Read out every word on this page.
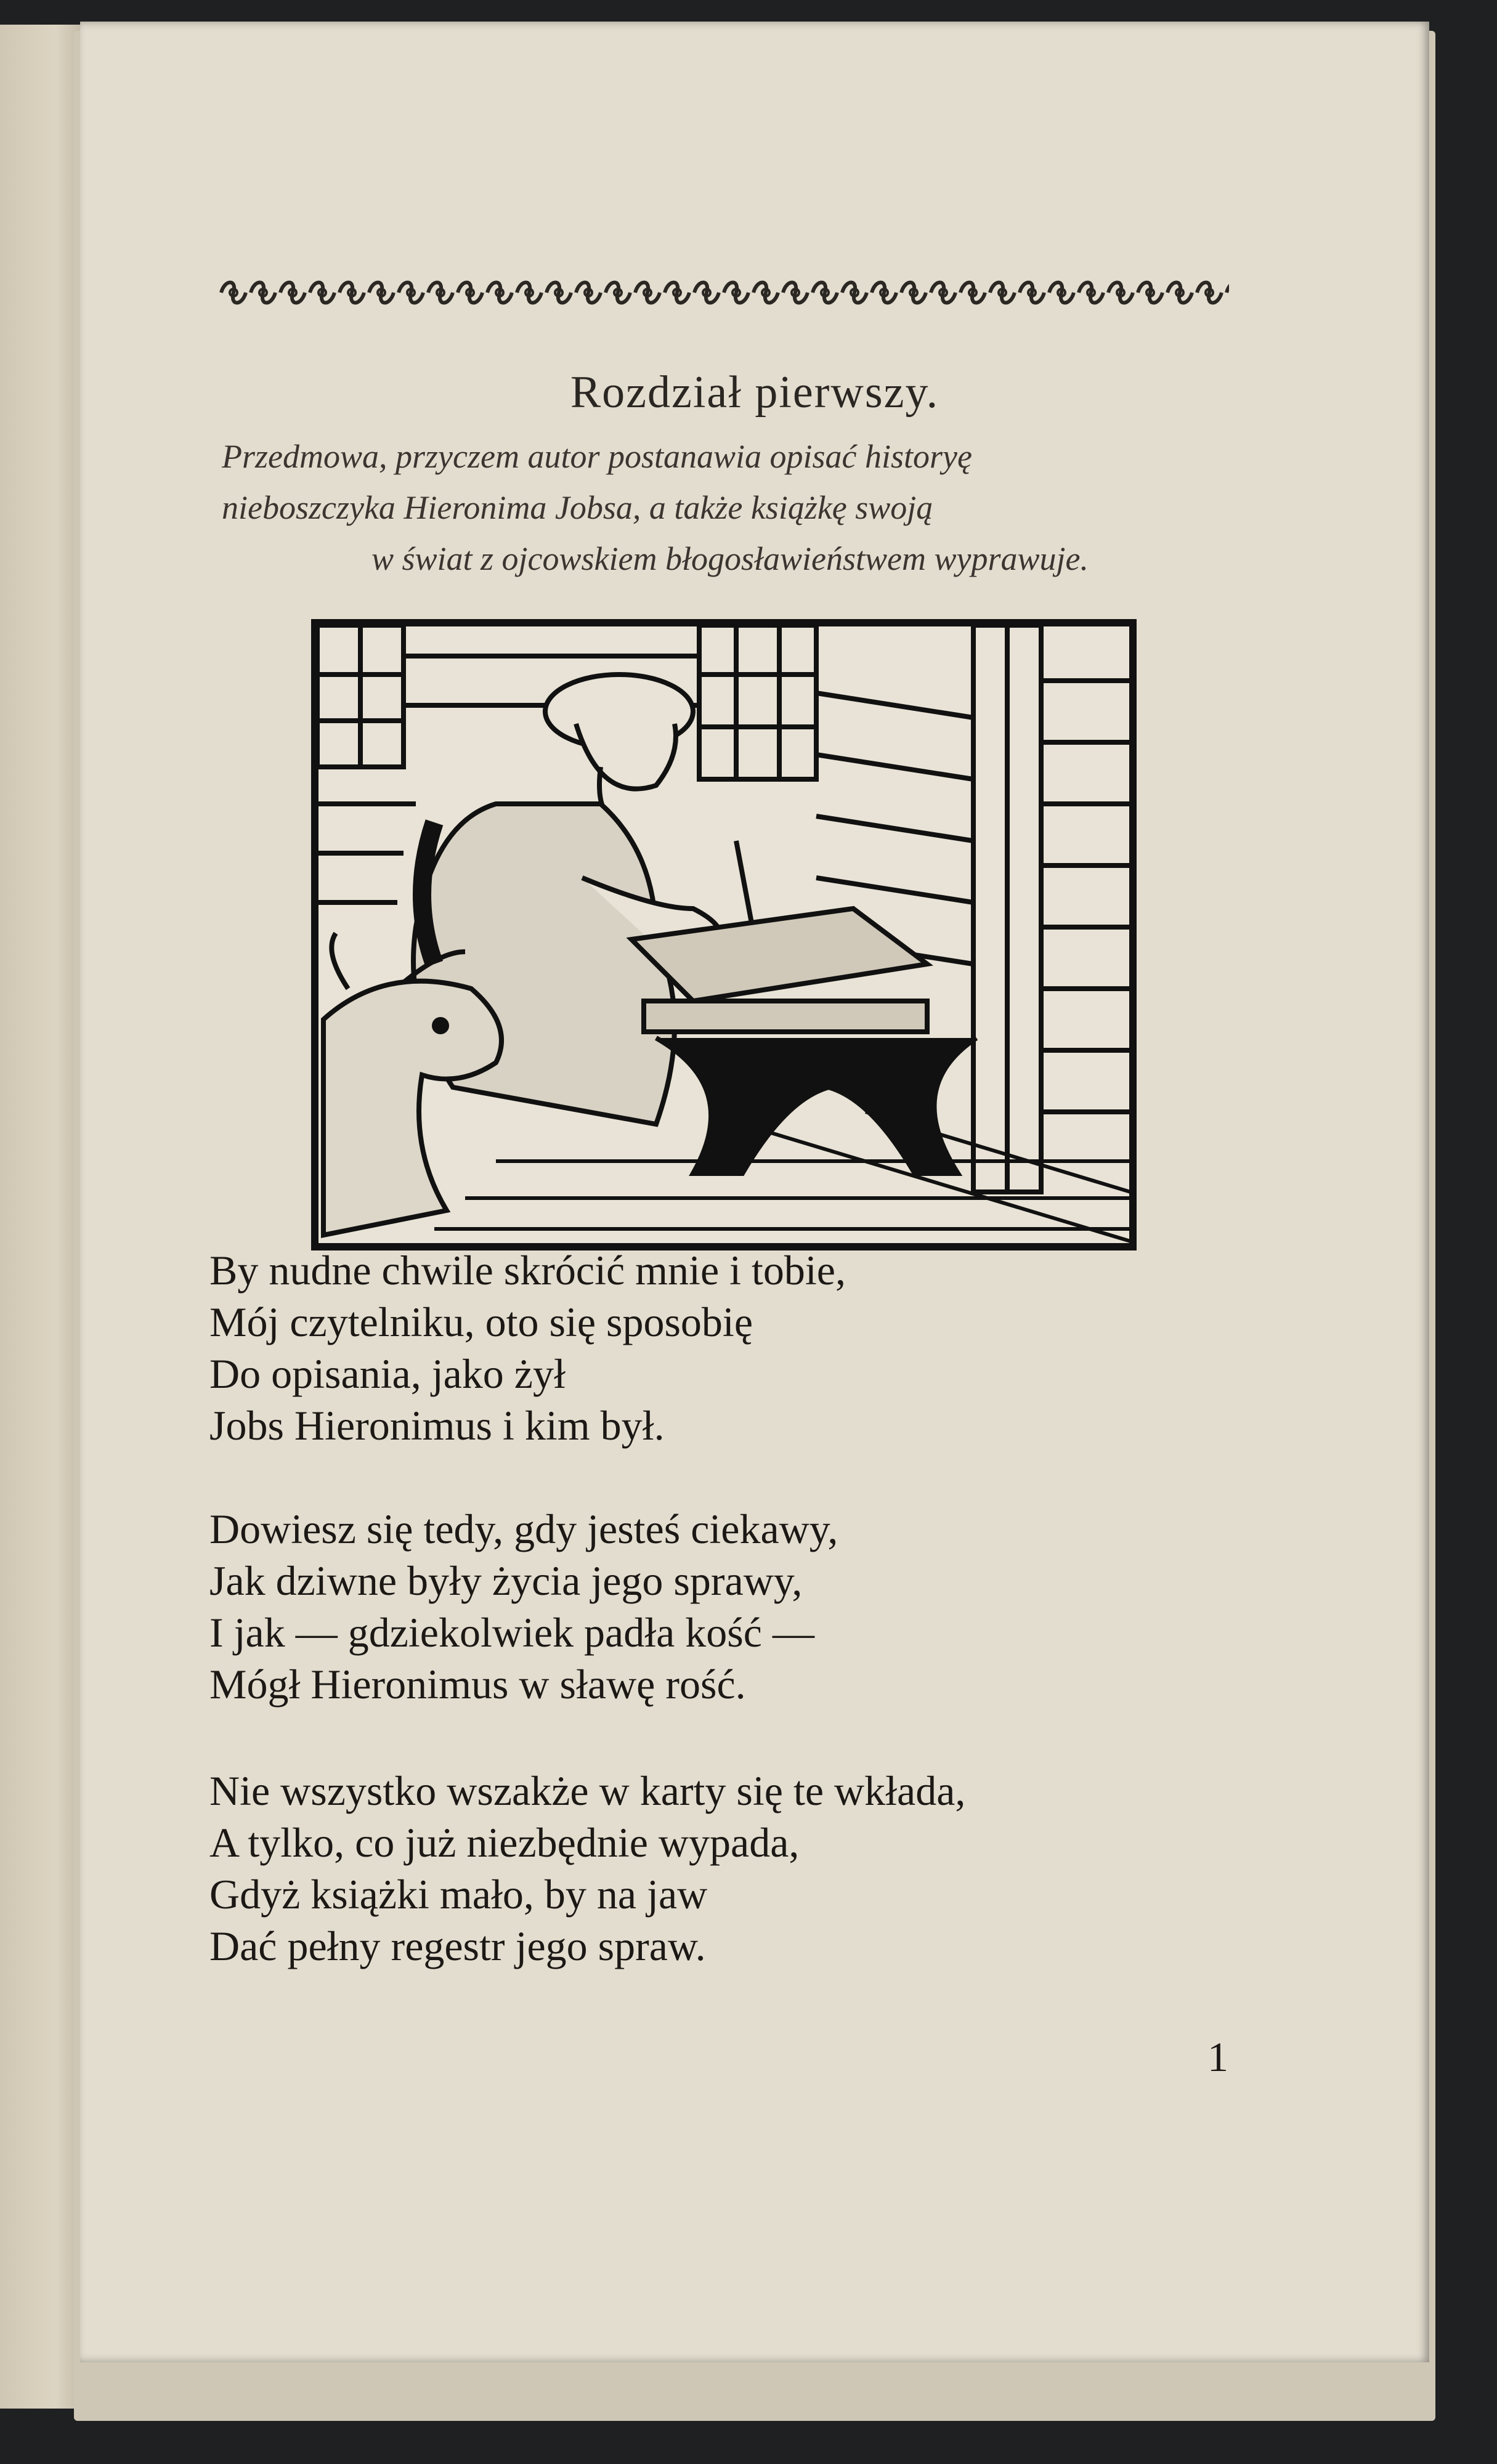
Rozdział pierwszy.
Przedmowa, przyczem autor postanawia opisać historyę
nieboszczyka Hieronima Jobsa, a także książkę swoją
w świat z ojcowskiem błogosławieństwem wyprawuje.
By nudne chwile skrócić mnie i tobie,
Mój czytelniku, oto się sposobię
Do opisania, jako żył
Jobs Hieronimus i kim był.
Dowiesz się tedy, gdy jesteś ciekawy,
Jak dziwne były życia jego sprawy,
I jak — gdziekolwiek padła kość —
Mógł Hieronimus w sławę rość.
Nie wszystko wszakże w karty się te wkłada,
A tylko, co już niezbędnie wypada,
Gdyż książki mało, by na jaw
Dać pełny regestr jego spraw.
1
